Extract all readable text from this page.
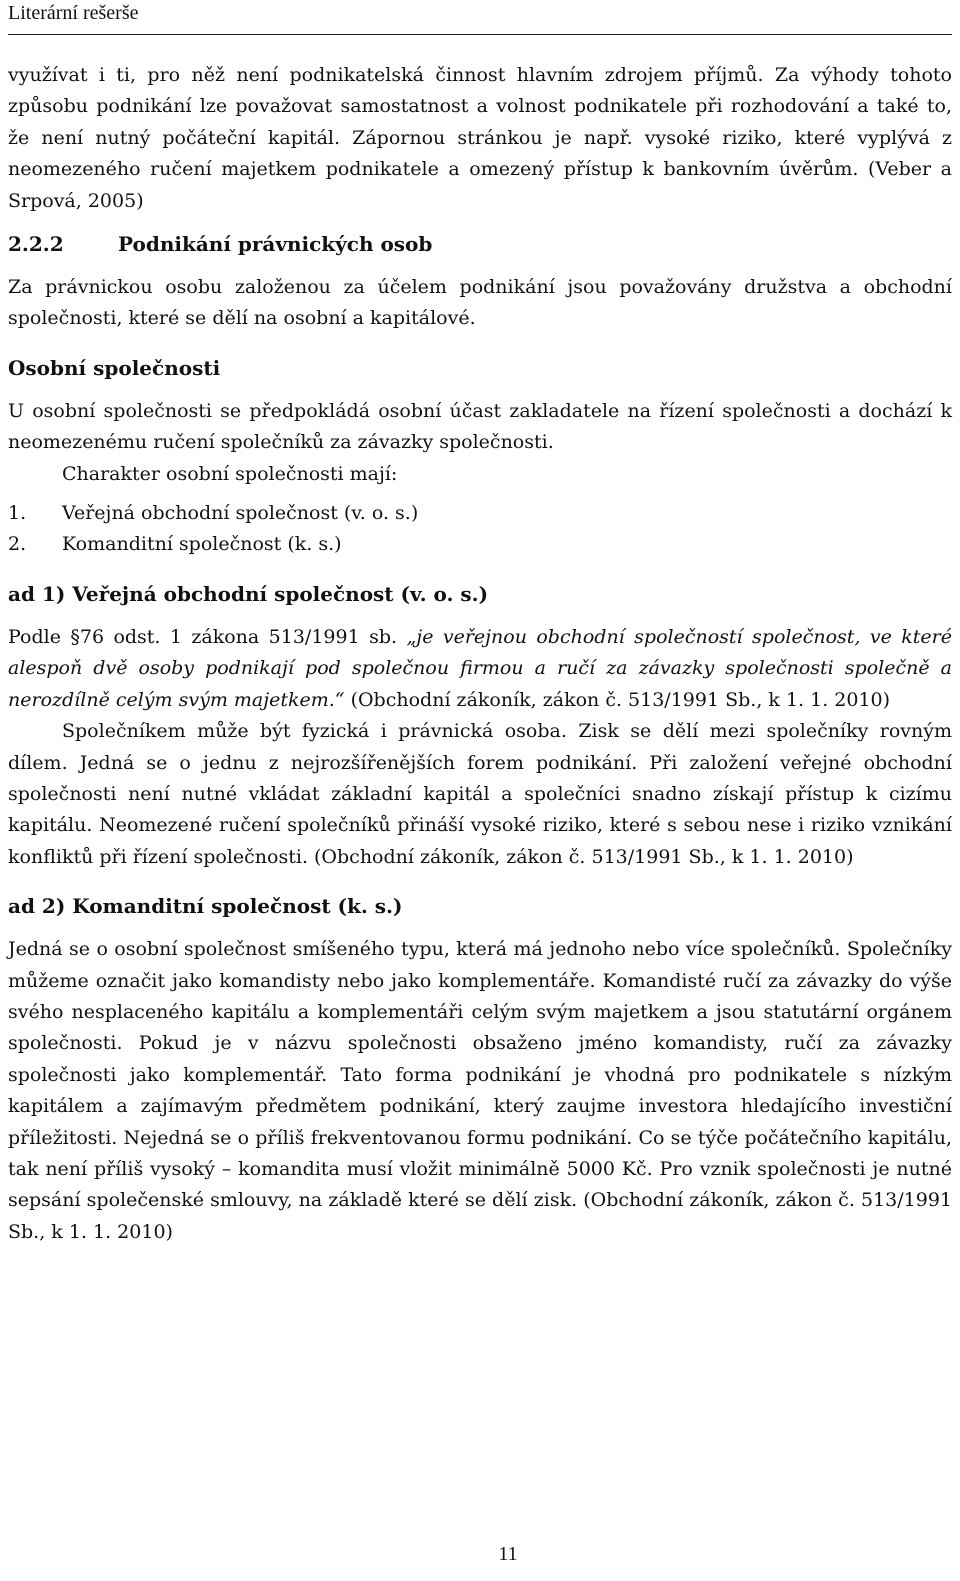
Literární rešerše

využívat i ti, pro něž není podnikatelská činnost hlavním zdrojem příjmů. Za výhody tohoto způsobu podnikání lze považovat samostatnost a volnost podnikatele při rozhodování a také to, že není nutný počáteční kapitál. Zápornou stránkou je např. vysoké riziko, které vyplývá z neomezeného ručení majetkem podnikatele a omezený přístup k bankovním úvěrům. (Veber a Srpová, 2005)

2.2.2	Podnikání právnických osob

Za právnickou osobu založenou za účelem podnikání jsou považovány družstva a obchodní společnosti, které se dělí na osobní a kapitálové.

Osobní společnosti

U osobní společnosti se předpokládá osobní účast zakladatele na řízení společnosti a dochází k neomezenému ručení společníků za závazky společnosti.

Charakter osobní společnosti mají:

1.	Veřejná obchodní společnost (v. o. s.)
2.	Komanditní společnost (k. s.)
ad 1) Veřejná obchodní společnost (v. o. s.)

Podle §76 odst. 1 zákona 513/1991 sb. „je veřejnou obchodní společností společnost, ve které alespoň dvě osoby podnikají pod společnou firmou a ručí za závazky společnosti společně a nerozdílně celým svým majetkem.“ (Obchodní zákoník, zákon č. 513/1991 Sb., k 1. 1. 2010)

Společníkem může být fyzická i právnická osoba. Zisk se dělí mezi společníky rovným dílem. Jedná se o jednu z nejrozšířenějších forem podnikání. Při založení veřejné obchodní společnosti není nutné vkládat základní kapitál a společníci snadno získají přístup k cizímu kapitálu. Neomezené ručení společníků přináší vysoké riziko, které s sebou nese i riziko vznikání konfliktů při řízení společnosti. (Obchodní zákoník, zákon č. 513/1991 Sb., k 1. 1. 2010)

ad 2) Komanditní společnost (k. s.)

Jedná se o osobní společnost smíšeného typu, která má jednoho nebo více společníků. Společníky můžeme označit jako komandisty nebo jako komplementáře. Komandisté ručí za závazky do výše svého nesplaceného kapitálu a komplementáři celým svým majetkem a jsou statutární orgánem společnosti. Pokud je v názvu společnosti obsaženo jméno komandisty, ručí za závazky společnosti jako komplementář. Tato forma podnikání je vhodná pro podnikatele s nízkým kapitálem a zajímavým předmětem podnikání, který zaujme investora hledajícího investiční příležitosti. Nejedná se o příliš frekventovanou formu podnikání. Co se týče počátečního kapitálu, tak není příliš vysoký – komandita musí vložit minimálně 5000 Kč. Pro vznik společnosti je nutné sepsání společenské smlouvy, na základě které se dělí zisk. (Obchodní zákoník, zákon č. 513/1991 Sb., k 1. 1. 2010)

11
